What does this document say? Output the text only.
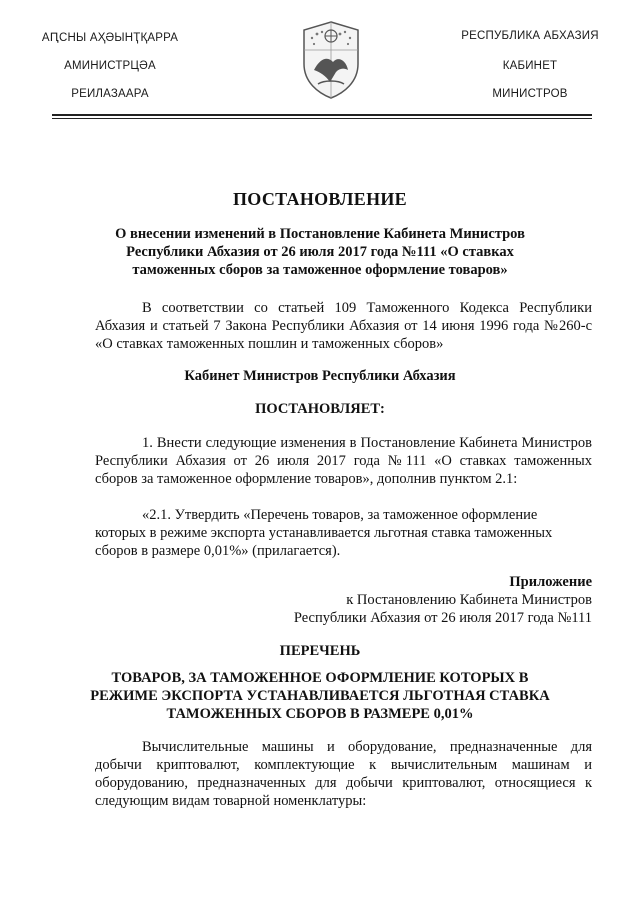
АԤСНЫ АҲӘЫНҬҚАРРА
АМИНИСТРЦӘА
РЕИЛАЗААРА
РЕСПУБЛИКА АБХАЗИЯ
КАБИНЕТ
МИНИСТРОВ
ПОСТАНОВЛЕНИЕ
О внесении изменений в Постановление Кабинета Министров Республики Абхазия от 26 июля 2017 года №111 «О ставках таможенных сборов за таможенное оформление товаров»
В соответствии со статьей 109 Таможенного Кодекса Республики Абхазия и статьей 7 Закона Республики Абхазия от 14 июня 1996 года №260-с «О ставках таможенных пошлин и таможенных сборов»
Кабинет Министров Республики Абхазия
ПОСТАНОВЛЯЕТ:
1. Внести следующие изменения в Постановление Кабинета Министров Республики Абхазия от 26 июля 2017 года №111 «О ставках таможенных сборов за таможенное оформление товаров», дополнив пунктом 2.1:
«2.1. Утвердить «Перечень товаров, за таможенное оформление которых в режиме экспорта устанавливается льготная ставка таможенных сборов в размере 0,01%» (прилагается).
Приложение
к Постановлению Кабинета Министров
Республики Абхазия от 26 июля 2017 года №111
ПЕРЕЧЕНЬ
ТОВАРОВ, ЗА ТАМОЖЕННОЕ ОФОРМЛЕНИЕ КОТОРЫХ В РЕЖИМЕ ЭКСПОРТА УСТАНАВЛИВАЕТСЯ ЛЬГОТНАЯ СТАВКА ТАМОЖЕННЫХ СБОРОВ В РАЗМЕРЕ 0,01%
Вычислительные машины и оборудование, предназначенные для добычи криптовалют, комплектующие к вычислительным машинам и оборудованию, предназначенных для добычи криптовалют, относящиеся к следующим видам товарной номенклатуры:
